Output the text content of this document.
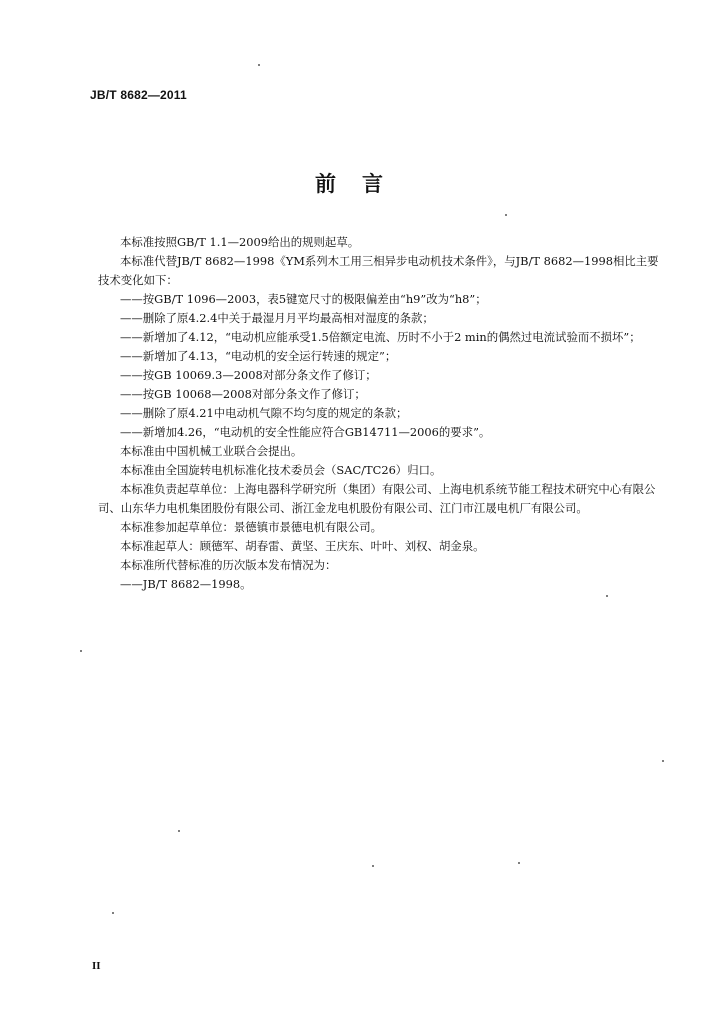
JB/T 8682—2011
前言

本标准按照GB/T 1.1—2009给出的规则起草。

本标准代替JB/T 8682—1998《YM系列木工用三相异步电动机技术条件》，与JB/T 8682—1998相比主要技术变化如下：

——按GB/T 1096—2003，表5键宽尺寸的极限偏差由“h9”改为“h8”；

——删除了原4.2.4中关于最湿月月平均最高相对湿度的条款；

——新增加了4.12，“电动机应能承受1.5倍额定电流、历时不小于2 min的偶然过电流试验而不损坏”；

——新增加了4.13，“电动机的安全运行转速的规定”；

——按GB 10069.3—2008对部分条文作了修订；

——按GB 10068—2008对部分条文作了修订；

——删除了原4.21中电动机气隙不均匀度的规定的条款；

——新增加4.26，“电动机的安全性能应符合GB14711—2006的要求”。

本标准由中国机械工业联合会提出。

本标准由全国旋转电机标准化技术委员会（SAC/TC26）归口。

本标准负责起草单位：上海电器科学研究所（集团）有限公司、上海电机系统节能工程技术研究中心有限公司、山东华力电机集团股份有限公司、浙江金龙电机股份有限公司、江门市江晟电机厂有限公司。

本标准参加起草单位：景德镇市景德电机有限公司。

本标准起草人：顾德军、胡春雷、黄坚、王庆东、叶叶、刘权、胡金泉。

本标准所代替标准的历次版本发布情况为：

——JB/T 8682—1998。

II
